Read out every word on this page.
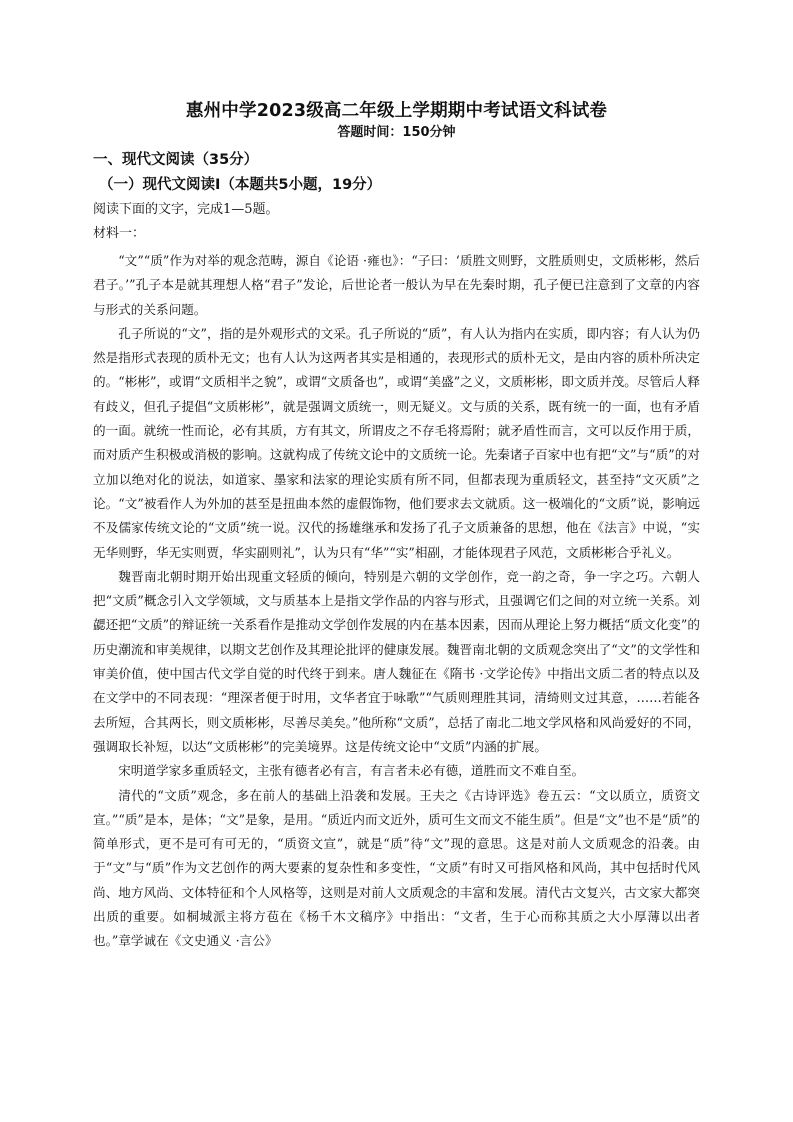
惠州中学2023级高二年级上学期期中考试语文科试卷
答题时间：150分钟
一、现代文阅读（35分）
（一）现代文阅读Ⅰ（本题共5小题，19分）
阅读下面的文字，完成1—5题。
材料一：

“文”“质”作为对举的观念范畴，源自《论语 ·雍也》：“子曰：‘质胜文则野，文胜质则史，文质彬彬，然后君子。’”孔子本是就其理想人格“君子”发论，后世论者一般认为早在先秦时期，孔子便已注意到了文章的内容与形式的关系问题。

孔子所说的“文”，指的是外观形式的文采。孔子所说的“质”，有人认为指内在实质，即内容；有人认为仍然是指形式表现的质朴无文；也有人认为这两者其实是相通的，表现形式的质朴无文，是由内容的质朴所决定的。“彬彬”，或谓“文质相半之貌”，或谓“文质备也”，或谓“美盛”之义，文质彬彬，即文质并茂。尽管后人释有歧义，但孔子提倡“文质彬彬”，就是强调文质统一，则无疑义。文与质的关系，既有统一的一面，也有矛盾的一面。就统一性而论，必有其质，方有其文，所谓皮之不存毛将焉附；就矛盾性而言，文可以反作用于质，而对质产生积极或消极的影响。这就构成了传统文论中的文质统一论。先秦诸子百家中也有把“文”与“质”的对立加以绝对化的说法，如道家、墨家和法家的理论实质有所不同，但都表现为重质轻文，甚至持“文灭质”之论。“文”被看作人为外加的甚至是扭曲本然的虚假饰物，他们要求去文就质。这一极端化的“文质”说，影响远不及儒家传统文论的“文质”统一说。汉代的扬雄继承和发扬了孔子文质兼备的思想，他在《法言》中说，“实无华则野，华无实则贾，华实副则礼”，认为只有“华”“实”相副，才能体现君子风范，文质彬彬合乎礼义。

魏晋南北朝时期开始出现重文轻质的倾向，特别是六朝的文学创作，竞一韵之奇，争一字之巧。六朝人把“文质”概念引入文学领域，文与质基本上是指文学作品的内容与形式，且强调它们之间的对立统一关系。刘勰还把“文质”的辩证统一关系看作是推动文学创作发展的内在基本因素，因而从理论上努力概括“质文化变”的历史潮流和审美规律，以期文艺创作及其理论批评的健康发展。魏晋南北朝的文质观念突出了“文”的文学性和审美价值，使中国古代文学自觉的时代终于到来。唐人魏征在《隋书 ·文学论传》中指出文质二者的特点以及在文学中的不同表现：“理深者便于时用，文华者宜于咏歌”“气质则理胜其词，清绮则文过其意，……若能各去所短，合其两长，则文质彬彬，尽善尽美矣。”他所称“文质”，总括了南北二地文学风格和风尚爱好的不同，强调取长补短，以达“文质彬彬”的完美境界。这是传统文论中“文质”内涵的扩展。

宋明道学家多重质轻文，主张有德者必有言，有言者未必有德，道胜而文不难自至。

清代的“文质”观念，多在前人的基础上沿袭和发展。王夫之《古诗评选》卷五云：“文以质立，质资文宣。”“质”是本，是体；“文”是象，是用。“质近内而文近外，质可生文而文不能生质”。但是“文”也不是“质”的简单形式，更不是可有可无的，“质资文宣”，就是“质”待“文”现的意思。这是对前人文质观念的沿袭。由于“文”与“质”作为文艺创作的两大要素的复杂性和多变性，“文质”有时又可指风格和风尚，其中包括时代风尚、地方风尚、文体特征和个人风格等，这则是对前人文质观念的丰富和发展。清代古文复兴，古文家大都突出质的重要。如桐城派主将方苞在《杨千木文稿序》中指出：“文者，生于心而称其质之大小厚薄以出者也。”章学诚在《文史通义 ·言公》
